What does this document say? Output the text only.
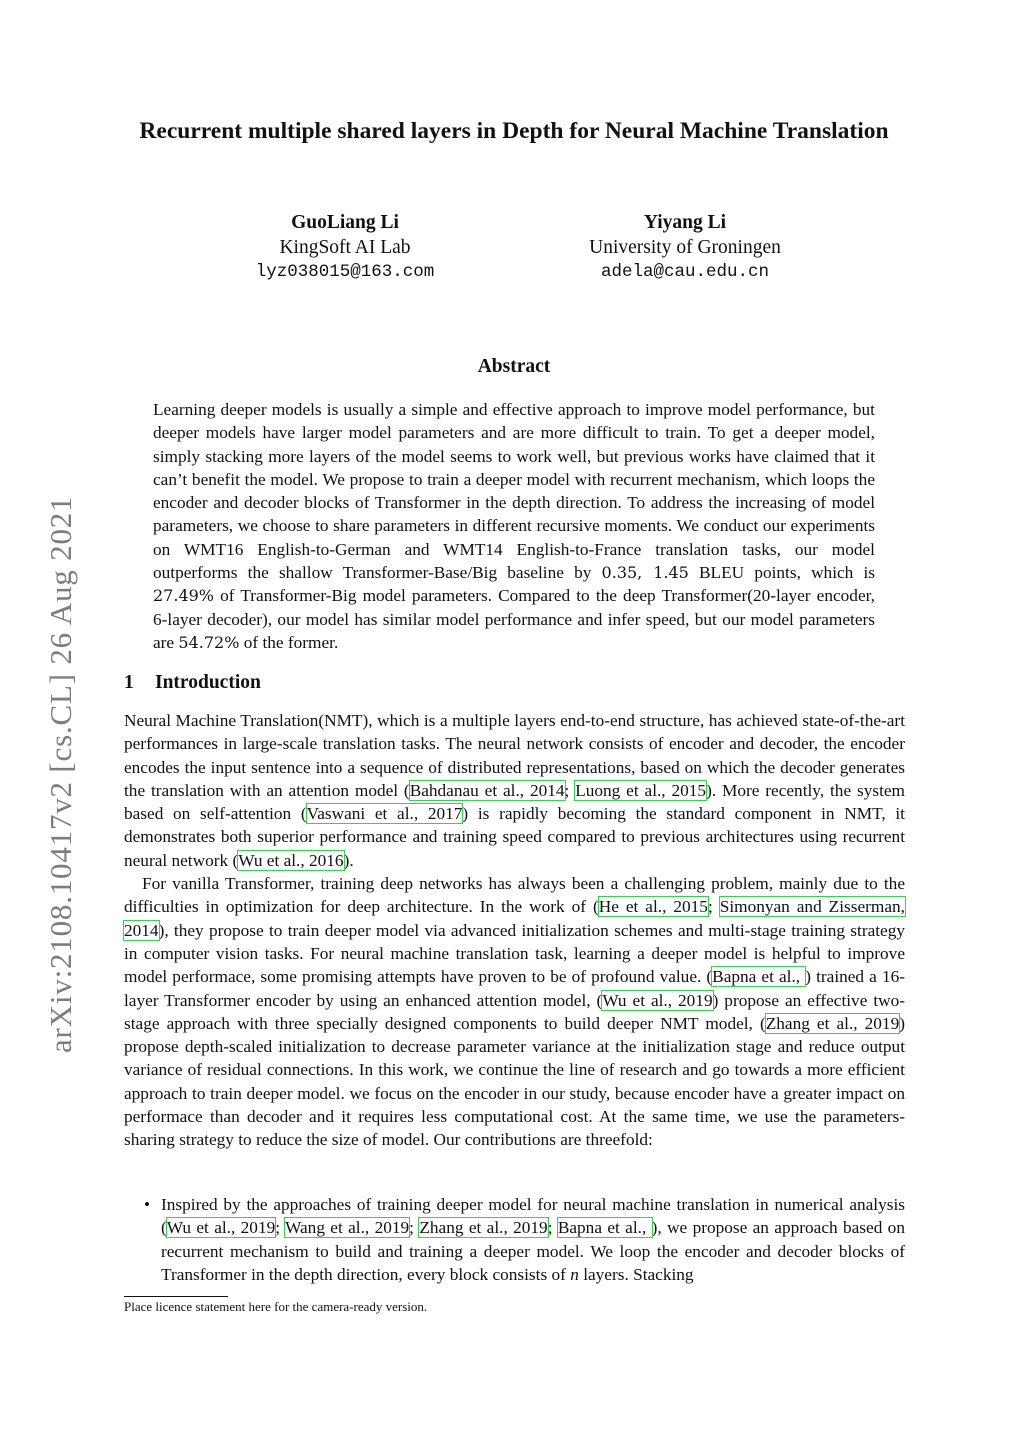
arXiv:2108.10417v2 [cs.CL] 26 Aug 2021
Recurrent multiple shared layers in Depth for Neural Machine Translation
GuoLiang Li
KingSoft AI Lab
lyz038015@163.com
Yiyang Li
University of Groningen
adela@cau.edu.cn
Abstract
Learning deeper models is usually a simple and effective approach to improve model performance, but deeper models have larger model parameters and are more difficult to train. To get a deeper model, simply stacking more layers of the model seems to work well, but previous works have claimed that it can’t benefit the model. We propose to train a deeper model with recurrent mechanism, which loops the encoder and decoder blocks of Transformer in the depth direction. To address the increasing of model parameters, we choose to share parameters in different recursive moments. We conduct our experiments on WMT16 English-to-German and WMT14 English-to-France translation tasks, our model outperforms the shallow Transformer-Base/Big baseline by 0.35, 1.45 BLEU points, which is 27.49% of Transformer-Big model parameters. Compared to the deep Transformer(20-layer encoder, 6-layer decoder), our model has similar model performance and infer speed, but our model parameters are 54.72% of the former.
1 Introduction

Neural Machine Translation(NMT), which is a multiple layers end-to-end structure, has achieved state-of-the-art performances in large-scale translation tasks. The neural network consists of encoder and decoder, the encoder encodes the input sentence into a sequence of distributed representations, based on which the decoder generates the translation with an attention model (Bahdanau et al., 2014; Luong et al., 2015). More recently, the system based on self-attention (Vaswani et al., 2017) is rapidly becoming the standard component in NMT, it demonstrates both superior performance and training speed compared to previous architectures using recurrent neural network (Wu et al., 2016).

For vanilla Transformer, training deep networks has always been a challenging problem, mainly due to the difficulties in optimization for deep architecture. In the work of (He et al., 2015; Simonyan and Zisserman, 2014), they propose to train deeper model via advanced initialization schemes and multi-stage training strategy in computer vision tasks. For neural machine translation task, learning a deeper model is helpful to improve model performace, some promising attempts have proven to be of profound value. (Bapna et al., ) trained a 16-layer Transformer encoder by using an enhanced attention model, (Wu et al., 2019) propose an effective two-stage approach with three specially designed components to build deeper NMT model, (Zhang et al., 2019) propose depth-scaled initialization to decrease parameter variance at the initialization stage and reduce output variance of residual connections. In this work, we continue the line of research and go towards a more efficient approach to train deeper model. we focus on the encoder in our study, because encoder have a greater impact on performace than decoder and it requires less computational cost. At the same time, we use the parameters-sharing strategy to reduce the size of model. Our contributions are threefold:

• Inspired by the approaches of training deeper model for neural machine translation in numerical analysis (Wu et al., 2019; Wang et al., 2019; Zhang et al., 2019; Bapna et al., ), we propose an approach based on recurrent mechanism to build and training a deeper model. We loop the encoder and decoder blocks of Transformer in the depth direction, every block consists of n layers. Stacking
Place licence statement here for the camera-ready version.
